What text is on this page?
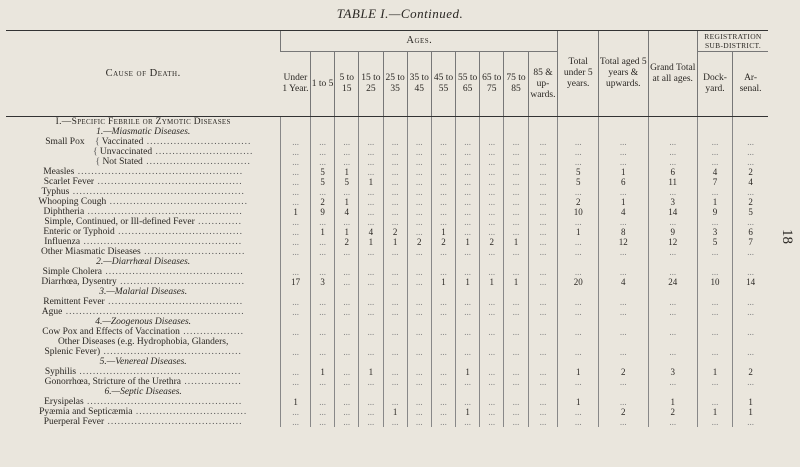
TABLE I.—Continued.
18
Cause of Death.	Ages.											Total under 5 years.	Total aged 5 years & upwards.	Grand Total at all ages.	REGISTRATION SUB-DISTRICT.	
	Under 1 Year.	1 to 5	5 to 15	15 to 25	25 to 35	35 to 45	45 to 55	55 to 65	65 to 75	75 to 85	85 & up-wards.				Dock-yard.	Ar-senal.
I.—Specific Febrile or Zymotic Diseases																
1.—Miasmatic Diseases.																
Small Pox { Vaccinated ...............................	...	...	...	...	...	...	...	...	...	...	...	...	...	...	...	...
{ Unvaccinated .............................	...	...	...	...	...	...	...	...	...	...	...	...	...	...	...	...
{ Not Stated ...............................	...	...	...	...	...	...	...	...	...	...	...	...	...	...	...	...
Measles .................................................	...	5	1	...	...	...	...	...	...	...	...	5	1	6	4	2
Scarlet Fever ...........................................	...	5	5	1	...	...	...	...	...	...	...	5	6	11	7	4
Typhus ...................................................	...	...	...	...	...	...	...	...	...	...	...	...	...	...	...	...
Whooping Cough .........................................	...	2	1	...	...	...	...	...	...	...	...	2	1	3	1	2
Diphtheria ..............................................	1	9	4	...	...	...	...	...	...	...	...	10	4	14	9	5
Simple, Continued, or Ill-defined Fever .............	...	...	...	...	...	...	...	...	...	...	...	...	...	...	...	...
Enteric or Typhoid .....................................	...	1	1	4	2	...	1	...	...	...	...	1	8	9	3	6
Influenza ...............................................	...	...	2	1	1	2	2	1	2	1	...	...	12	12	5	7
Other Miasmatic Diseases ..............................	...	...	...	...	...	...	...	...	...	...	...	...	...	...	...	...
2.—Diarrhœal Diseases.																
Simple Cholera .........................................	...	...	...	...	...	...	...	...	...	...	...	...	...	...	...	...
Diarrhœa, Dysentry .....................................	17	3	...	...	...	...	1	1	1	1	...	20	4	24	10	14
3.—Malarial Diseases.																
Remittent Fever ........................................	...	...	...	...	...	...	...	...	...	...	...	...	...	...	...	...
Ague .....................................................	...	...	...	...	...	...	...	...	...	...	...	...	...	...	...	...
4.—Zoogenous Diseases.																
Cow Pox and Effects of Vaccination ..................	...	...	...	...	...	...	...	...	...	...	...	...	...	...	...	...
Other Diseases (e.g. Hydrophobia, Glanders,																
Splenic Fever) .........................................	...	...	...	...	...	...	...	...	...	...	...	...	...	...	...	...
5.—Venereal Diseases.																
Syphilis ................................................	...	1	...	1	...	...	...	1	...	...	...	1	2	3	1	2
Gonorrhœa, Stricture of the Urethra .................	...	...	...	...	...	...	...	...	...	...	...	...	...	...	...	...
6.—Septic Diseases.																
Erysipelas ..............................................	1	...	...	...	...	...	...	...	...	...	...	1	...	1	...	1
Pyæmia and Septicæmia .................................	...	...	...	...	1	...	...	1	...	...	...	...	2	2	1	1
Puerperal Fever ........................................	...	...	...	...	...	...	...	...	...	...	...	...	...	...	...	...
